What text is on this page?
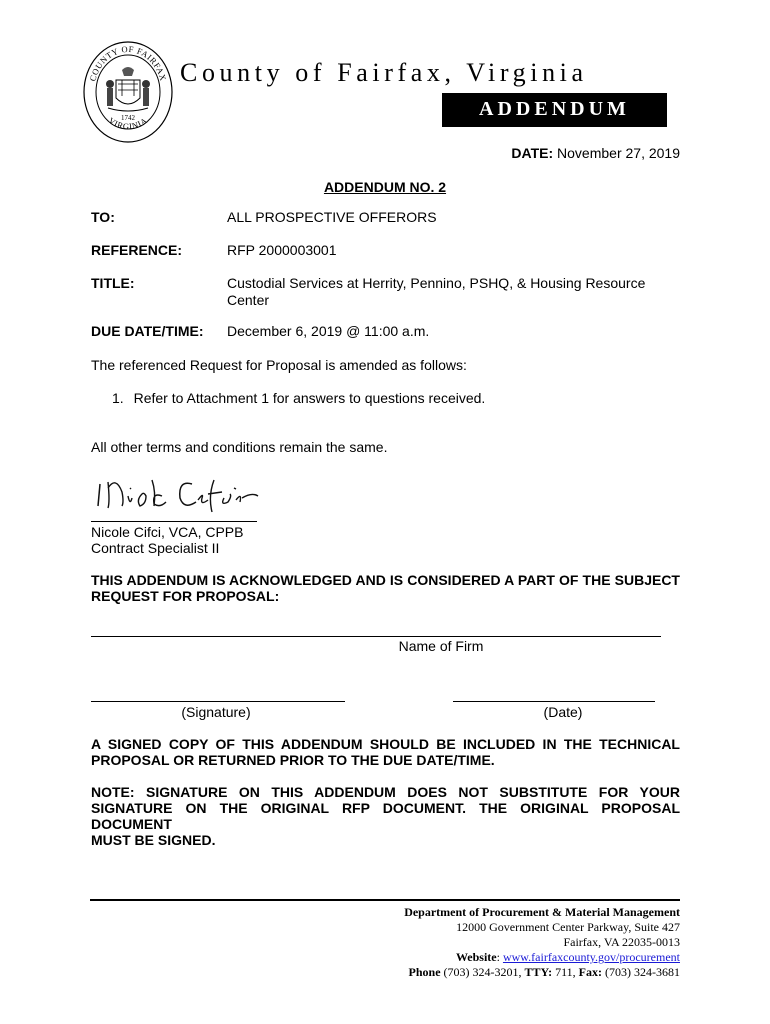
COUNTY OF FAIRFAX
1742
VIRGINIA
County of Fairfax, Virginia
ADDENDUM
DATE: November 27, 2019
ADDENDUM NO. 2
TO:	ALL PROSPECTIVE OFFERORS
REFERENCE:	RFP 2000003001
TITLE:	Custodial Services at Herrity, Pennino, PSHQ, & Housing Resource Center
DUE DATE/TIME: December 6, 2019 @ 11:00 a.m.
The referenced Request for Proposal is amended as follows:
1. Refer to Attachment 1 for answers to questions received.
All other terms and conditions remain the same.
Nicole Cifci, VCA, CPPB
Contract Specialist II
THIS ADDENDUM IS ACKNOWLEDGED AND IS CONSIDERED A PART OF THE SUBJECT
REQUEST FOR PROPOSAL:
Name of Firm
(Signature)	(Date)
A SIGNED COPY OF THIS ADDENDUM SHOULD BE INCLUDED IN THE TECHNICAL
PROPOSAL OR RETURNED PRIOR TO THE DUE DATE/TIME.
NOTE: SIGNATURE ON THIS ADDENDUM DOES NOT SUBSTITUTE FOR YOUR
SIGNATURE ON THE ORIGINAL RFP DOCUMENT. THE ORIGINAL PROPOSAL DOCUMENT
MUST BE SIGNED.
Department of Procurement & Material Management
12000 Government Center Parkway, Suite 427
Fairfax, VA 22035-0013
Website: www.fairfaxcounty.gov/procurement
Phone (703) 324-3201, TTY: 711, Fax: (703) 324-3681
